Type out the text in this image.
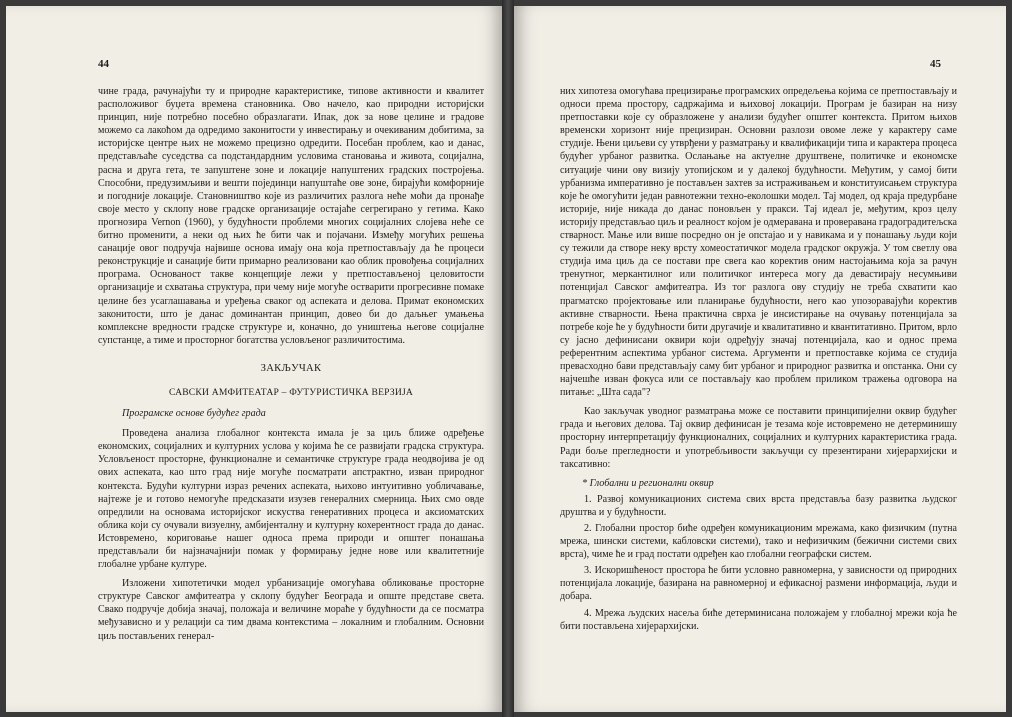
44

чине града, рачунајући ту и природне карактеристике, типове активности и квалитет расположивог буџета времена становника. Ово начело, као природни историјски принцип, није потребно посебно образлагати. Ипак, док за нове целине и градове можемо са лакоћом да одредимо законитости у инвестирању и очекиваним добитима, за историјске центре њих не можемо прецизно одредити. Посебан проблем, као и данас, представљаће суседства са подстандардним условима становања и живота, социјална, расна и друга гета, те запуштене зоне и локације напуштених градских постројења. Способни, предузимљиви и вешти појединци напуштаће ове зоне, бирајући комфорније и погодније локације. Становништво које из различитих разлога неће моћи да пронађе своје место у склопу нове градске организације остајаће сегрегирано у гетима. Како прогнозира Vernon (1960), у будућности проблеми многих социјалних слојева неће се битно променити, а неки од њих ће бити чак и појачани. Између могућих решења санације овог подручја највише основа имају она која претпостављају да ће процеси реконструкције и санације бити примарно реализовани као облик провођења социјалних програма. Основаност такве концепције лежи у претпостављеној целовитости организације и схватања структура, при чему није могуће остварити прогресивне помаке целине без усаглашавања и уређења сваког од аспеката и делова. Примат економских законитости, што је данас доминантан принцип, довео би до даљњег умањења комплексне вредности градске структуре и, коначно, до уништења његове социјалне супстанце, а тиме и просторног богатства условљеног различитостима.

ЗАКЉУЧАК
САВСКИ АМФИТЕАТАР – ФУТУРИСТИЧКА ВЕРЗИЈА

Програмске основе будућег града

Проведена анализа глобалног контекста имала је за циљ ближе одређење економских, социјалних и културних услова у којима ће се развијати градска структура. Условљеност просторне, функционалне и семантичке структуре града неодвојива је од ових аспеката, као што град није могуће посматрати апстрактно, изван природног контекста. Будући културни израз речених аспеката, њихово интуитивно уобличавање, најтеже је и готово немогуће предсказати изузев генералних смерница. Њих смо овде опредлили на основама историјског искуства генеративних процеса и аксиоматских облика који су очували визуелну, амбијенталну и културну кохерентност града до данас. Истовремено, кориговање нашег односа према природи и општег понашања представљали би најзначајнији помак у формирању једне нове или квалитетније глобалне урбане културе.

Изложени хипотетички модел урбанизације омогућава обликовање просторне структуре Савског амфитеатра у склопу будућег Београда и опште представе света. Свако подручје добија значај, положаја и величине мораће у будућности да се посматра међузависно и у релацији са тим двама контекстима – локалним и глобалним. Основни циљ постављених генерал-

45

них хипотеза омогућава прецизирање програмских опредељења којима се претпостављају и односи према простору, садржајима и њиховој локацији. Програм је базиран на низу претпоставки које су образложене у анализи будућег општег контекста. Притом њихов временски хоризонт није прецизиран. Основни разлози овоме леже у карактеру саме студије. Њени циљеви су утврђени у разматрању и квалификацији типа и карактера процеса будућег урбаног развитка. Ослањање на актуелне друштвене, политичке и економске ситуације чини ову визију утопијском и у далекој будућности. Међутим, у самој бити урбанизма императивно је постављен захтев за истраживањем и конституисањем структура које ће омогућити један равнотежни техно-еколошки модел. Тај модел, од краја предурбане историје, није никада до данас поновљен у пракси. Тај идеал је, међутим, кроз целу историју представљао циљ и реалност којом је одмеравана и проверавана градоградитељска стварност. Мање или више посредно он је опстајао и у навикама и у понашању људи који су тежили да створе неку врсту хомеостатичког модела градског окружја. У том светлу ова студија има циљ да се постави пре свега као коректив оним настојањима која за рачун тренутног, меркантилног или политичког интереса могу да девастирају несумњиви потенцијал Савског амфитеатра. Из тог разлога ову студију не треба схватити као прагматско пројектовање или планирање будућности, него као упозоравајући коректив активне стварности. Њена практична сврха је инсистирање на очувању потенцијала за потребе које ће у будућности бити другачије и квалитативно и квантитативно. Притом, врло су јасно дефинисани оквири који одређују значај потенцијала, као и однос према референтним аспектима урбаног система. Аргументи и претпоставке којима се студија превасходно бави представљају саму бит урбаног и природног развитка и опстанка. Они су најчешће изван фокуса или се постављају као проблем приликом тражења одговора на питање: „Шта сада"?

Као закључак уводног разматрања може се поставити принципијелни оквир будућег града и његових делова. Тај оквир дефинисан је тезама које истовремено не детерминишу просторну интерпретацију функционалних, социјалних и културних карактеристика града. Ради боље прегледности и употребљивости закључци су презентирани хијерархијски и таксативно:

* Глобални и регионални оквир

1. Развој комуникационих система свих врста представља базу развитка људског друштва и у будућности.

2. Глобални простор биће одређен комуникационим мрежама, како физичким (путна мрежа, шински системи, кабловски системи), тако и нефизичким (бежични системи свих врста), чиме ће и град постати одређен као глобални географски систем.

3. Искоришћеност простора ће бити условно равномерна, у зависности од природних потенцијала локације, базирана на равномерној и ефикасној размени информација, људи и добара.

4. Мрежа људских насеља биће детерминисана положајем у глобалној мрежи која ће бити постављена хијерархијски.
